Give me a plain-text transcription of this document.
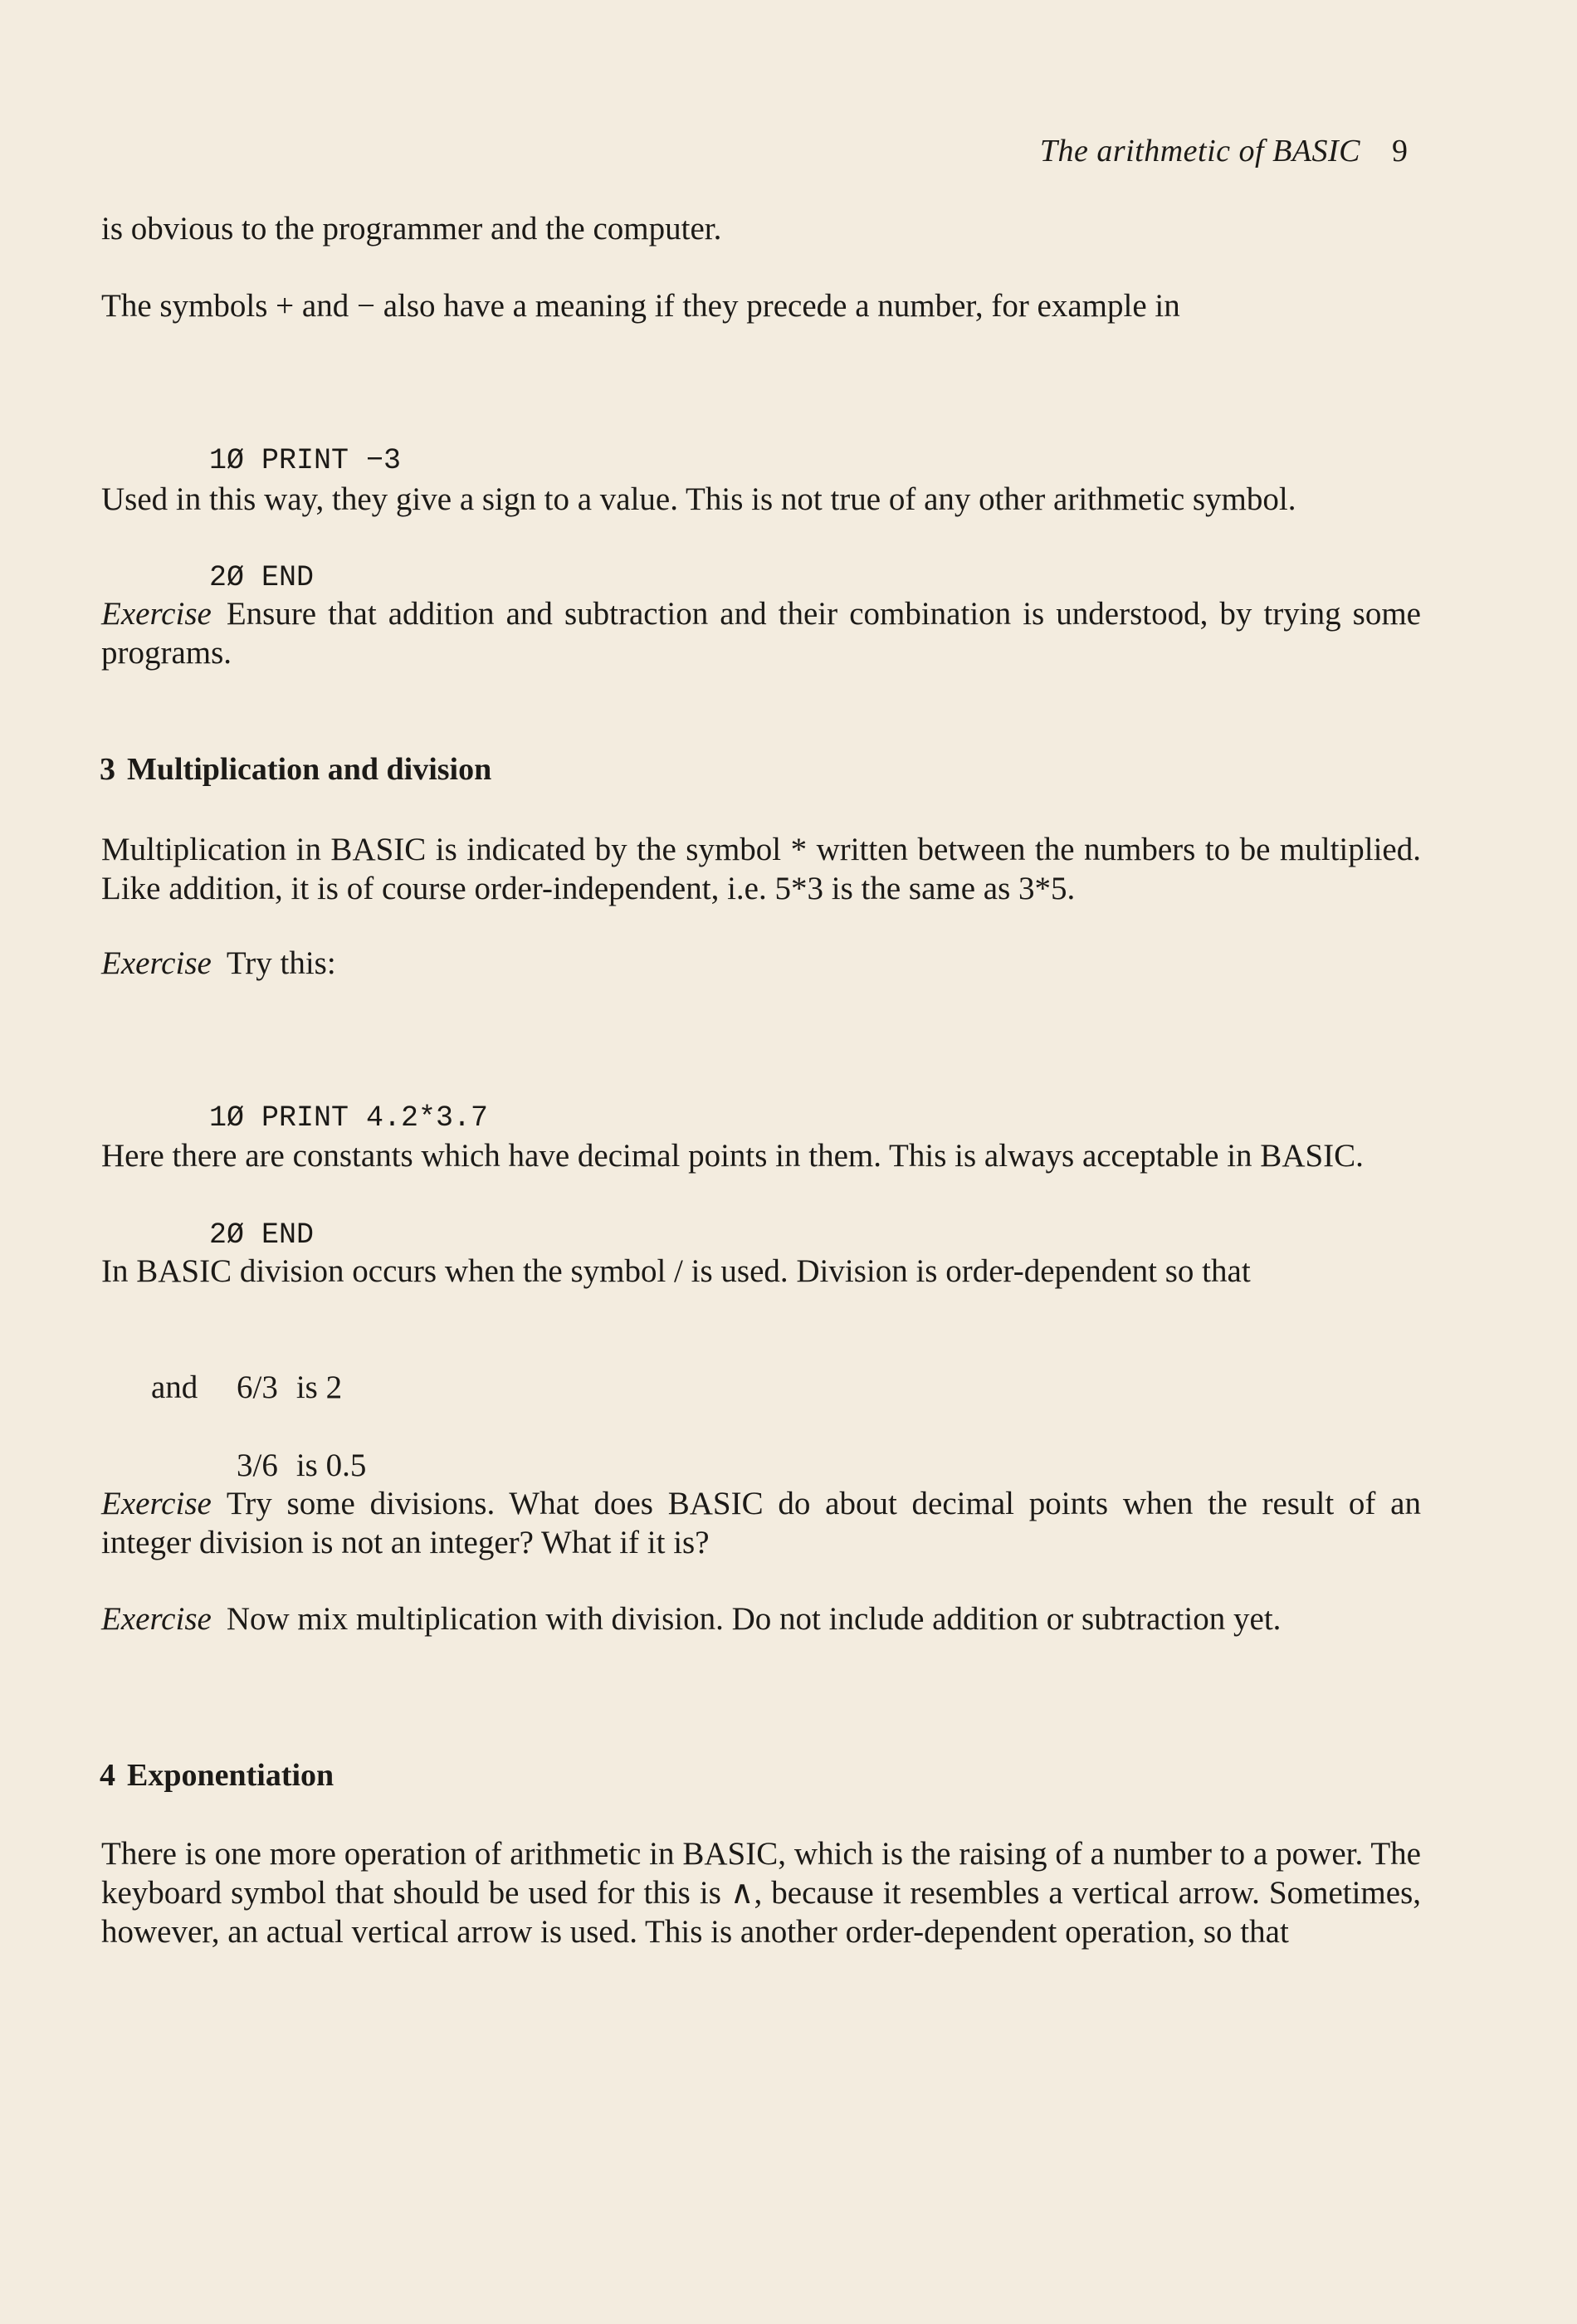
The arithmetic of BASIC 9

is obvious to the programmer and the computer.

The symbols + and − also have a meaning if they precede a number, for example in

1Ø PRINT −3

2Ø END

Used in this way, they give a sign to a value. This is not true of any other arithmetic symbol.

Exercise Ensure that addition and subtraction and their combination is understood, by trying some programs.

3 Multiplication and division

Multiplication in BASIC is indicated by the symbol * written between the numbers to be multiplied. Like addition, it is of course order-independent, i.e. 5*3 is the same as 3*5.

Exercise Try this:

1Ø PRINT 4.2*3.7

2Ø END

Here there are constants which have decimal points in them. This is always acceptable in BASIC.

In BASIC division occurs when the symbol / is used. Division is order-dependent so that

6/3 is 2

and

3/6 is 0.5

Exercise Try some divisions. What does BASIC do about decimal points when the result of an integer division is not an integer? What if it is?

Exercise Now mix multiplication with division. Do not include addition or subtraction yet.

4 Exponentiation

There is one more operation of arithmetic in BASIC, which is the raising of a number to a power. The keyboard symbol that should be used for this is ∧, because it resembles a vertical arrow. Sometimes, however, an actual vertical arrow is used. This is another order-dependent operation, so that
